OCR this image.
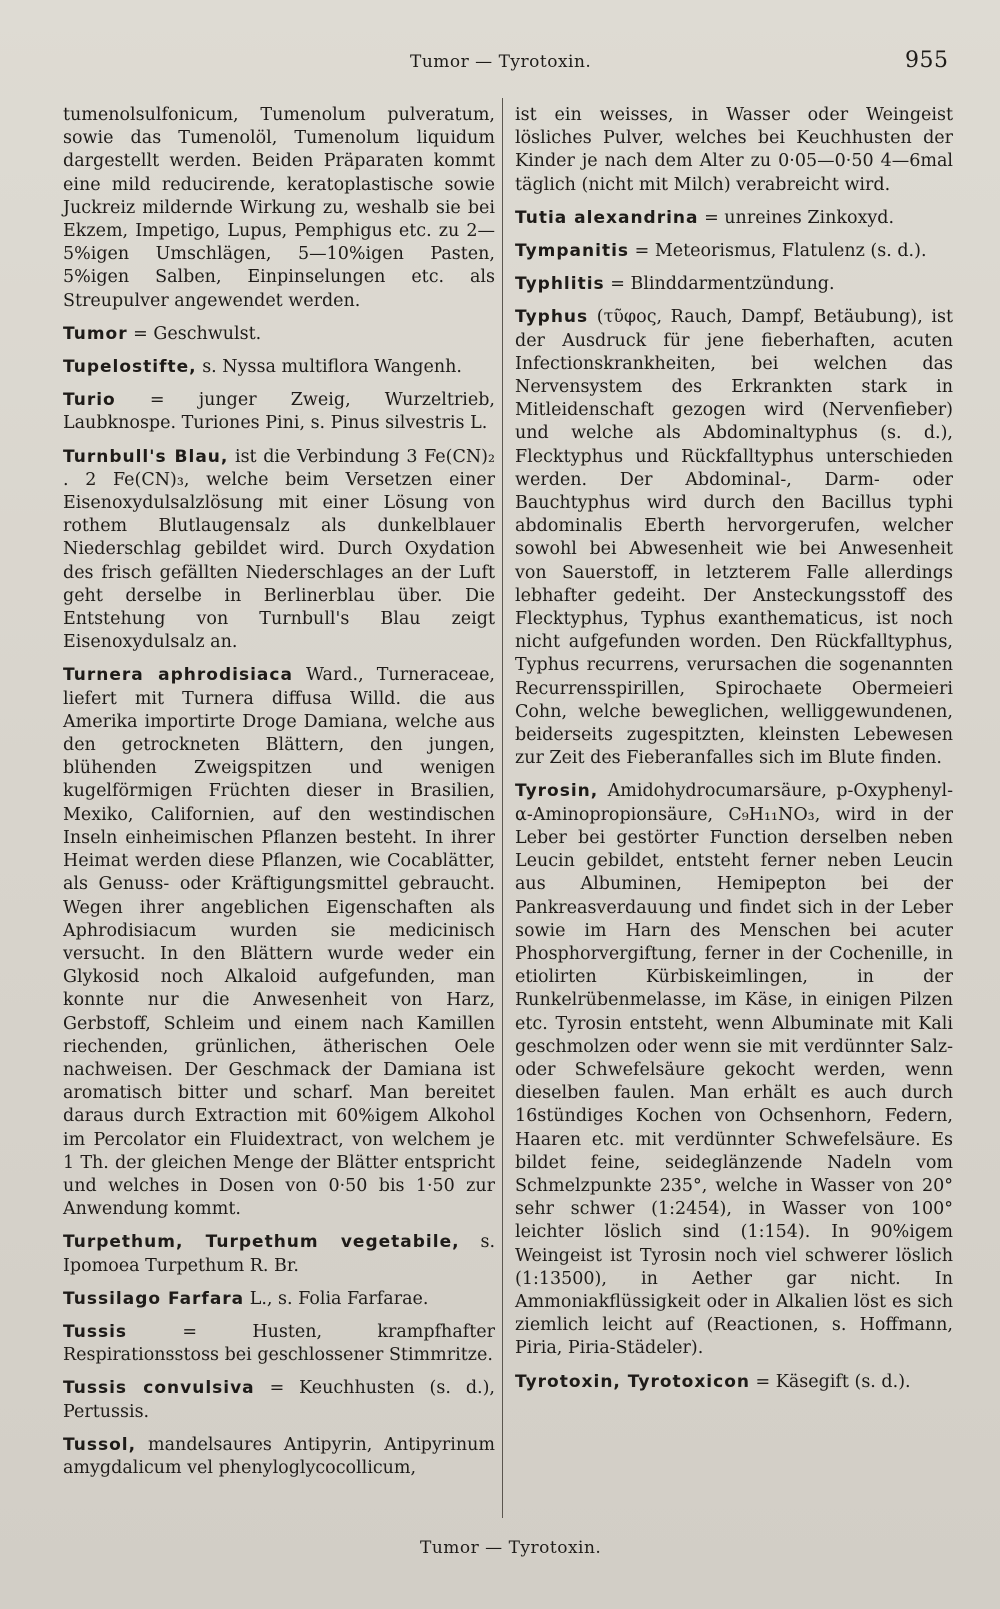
Tumor — Tyrotoxin.	955

tumenolsulfonicum, Tumenolum pulveratum, sowie das Tumenolöl, Tumenolum liquidum dargestellt werden. Beiden Präparaten kommt eine mild reducirende, keratoplastische sowie Juckreiz mildernde Wirkung zu, weshalb sie bei Ekzem, Impetigo, Lupus, Pemphigus etc. zu 2—5%igen Umschlägen, 5—10%igen Pasten, 5%igen Salben, Einpinselungen etc. als Streupulver angewendet werden.

Tumor = Geschwulst.

Tupelostifte, s. Nyssa multiflora Wangenh.

Turio = junger Zweig, Wurzeltrieb, Laubknospe. Turiones Pini, s. Pinus silvestris L.

Turnbull's Blau, ist die Verbindung 3 Fe(CN)₂ . 2 Fe(CN)₃, welche beim Versetzen einer Eisenoxydulsalzlösung mit einer Lösung von rothem Blutlaugensalz als dunkelblauer Niederschlag gebildet wird. Durch Oxydation des frisch gefällten Niederschlages an der Luft geht derselbe in Berlinerblau über. Die Entstehung von Turnbull's Blau zeigt Eisenoxydulsalz an.

Turnera aphrodisiaca Ward., Turneraceae, liefert mit Turnera diffusa Willd. die aus Amerika importirte Droge Damiana, welche aus den getrockneten Blättern, den jungen, blühenden Zweigspitzen und wenigen kugelförmigen Früchten dieser in Brasilien, Mexiko, Californien, auf den westindischen Inseln einheimischen Pflanzen besteht. In ihrer Heimat werden diese Pflanzen, wie Cocablätter, als Genuss- oder Kräftigungsmittel gebraucht. Wegen ihrer angeblichen Eigenschaften als Aphrodisiacum wurden sie medicinisch versucht. In den Blättern wurde weder ein Glykosid noch Alkaloid aufgefunden, man konnte nur die Anwesenheit von Harz, Gerbstoff, Schleim und einem nach Kamillen riechenden, grünlichen, ätherischen Oele nachweisen. Der Geschmack der Damiana ist aromatisch bitter und scharf. Man bereitet daraus durch Extraction mit 60%igem Alkohol im Percolator ein Fluidextract, von welchem je 1 Th. der gleichen Menge der Blätter entspricht und welches in Dosen von 0·50 bis 1·50 zur Anwendung kommt.

Turpethum, Turpethum vegetabile, s. Ipomoea Turpethum R. Br.

Tussilago Farfara L., s. Folia Farfarae.

Tussis = Husten, krampfhafter Respirationsstoss bei geschlossener Stimmritze.

Tussis convulsiva = Keuchhusten (s. d.), Pertussis.

Tussol, mandelsaures Antipyrin, Antipyrinum amygdalicum vel phenyloglycocollicum,

ist ein weisses, in Wasser oder Weingeist lösliches Pulver, welches bei Keuchhusten der Kinder je nach dem Alter zu 0·05—0·50 4—6mal täglich (nicht mit Milch) verabreicht wird.

Tutia alexandrina = unreines Zinkoxyd.

Tympanitis = Meteorismus, Flatulenz (s. d.).

Typhlitis = Blinddarmentzündung.

Typhus (τῦφος, Rauch, Dampf, Betäubung), ist der Ausdruck für jene fieberhaften, acuten Infectionskrankheiten, bei welchen das Nervensystem des Erkrankten stark in Mitleidenschaft gezogen wird (Nervenfieber) und welche als Abdominaltyphus (s. d.), Flecktyphus und Rückfalltyphus unterschieden werden. Der Abdominal-, Darm- oder Bauchtyphus wird durch den Bacillus typhi abdominalis Eberth hervorgerufen, welcher sowohl bei Abwesenheit wie bei Anwesenheit von Sauerstoff, in letzterem Falle allerdings lebhafter gedeiht. Der Ansteckungsstoff des Flecktyphus, Typhus exanthematicus, ist noch nicht aufgefunden worden. Den Rückfalltyphus, Typhus recurrens, verursachen die sogenannten Recurrensspirillen, Spirochaete Obermeieri Cohn, welche beweglichen, welliggewundenen, beiderseits zugespitzten, kleinsten Lebewesen zur Zeit des Fieberanfalles sich im Blute finden.

Tyrosin, Amidohydrocumarsäure, p-Oxyphenyl-α-Aminopropionsäure, C₉H₁₁NO₃, wird in der Leber bei gestörter Function derselben neben Leucin gebildet, entsteht ferner neben Leucin aus Albuminen, Hemipepton bei der Pankreasverdauung und findet sich in der Leber sowie im Harn des Menschen bei acuter Phosphorvergiftung, ferner in der Cochenille, in etiolirten Kürbiskeimlingen, in der Runkelrübenmelasse, im Käse, in einigen Pilzen etc. Tyrosin entsteht, wenn Albuminate mit Kali geschmolzen oder wenn sie mit verdünnter Salz- oder Schwefelsäure gekocht werden, wenn dieselben faulen. Man erhält es auch durch 16stündiges Kochen von Ochsenhorn, Federn, Haaren etc. mit verdünnter Schwefelsäure. Es bildet feine, seideglänzende Nadeln vom Schmelzpunkte 235°, welche in Wasser von 20° sehr schwer (1:2454), in Wasser von 100° leichter löslich sind (1:154). In 90%igem Weingeist ist Tyrosin noch viel schwerer löslich (1:13500), in Aether gar nicht. In Ammoniakflüssigkeit oder in Alkalien löst es sich ziemlich leicht auf (Reactionen, s. Hoffmann, Piria, Piria-Städeler).

Tyrotoxin, Tyrotoxicon = Käsegift (s. d.).

Tumor — Tyrotoxin.
